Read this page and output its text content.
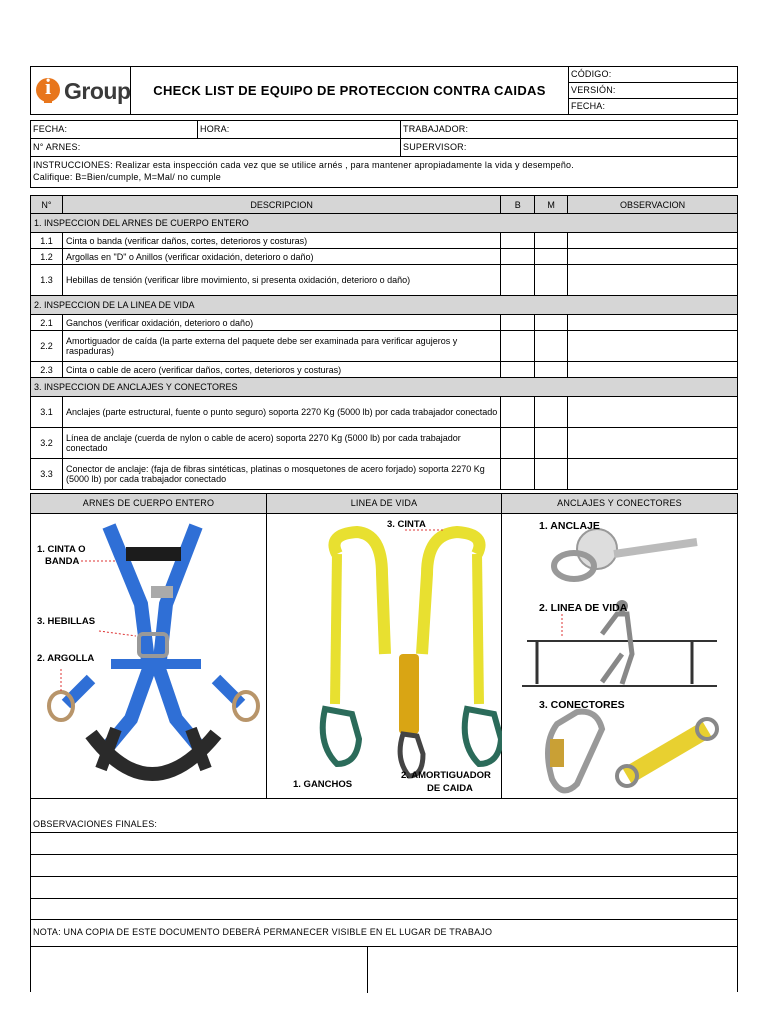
i Group	CHECK LIST DE EQUIPO DE PROTECCION CONTRA CAIDAS
CÓDIGO:
VERSIÓN:
FECHA:
FECHA:	HORA:	TRABAJADOR:
N° ARNES:	SUPERVISOR:
INSTRUCCIONES: Realizar esta inspección cada vez que se utilice arnés , para mantener apropiadamente la vida y desempeño.
Califique: B=Bien/cumple, M=Mal/ no cumple
N°	DESCRIPCION	B	M	OBSERVACION
1. INSPECCION DEL ARNES DE CUERPO ENTERO				
1.1	Cinta o banda (verificar daños, cortes, deterioros y costuras)			
1.2	Argollas en "D" o Anillos (verificar oxidación, deterioro o daño)			
1.3	Hebillas de tensión (verificar libre movimiento, si presenta oxidación, deterioro o daño)			
2. INSPECCION DE LA LINEA DE VIDA				
2.1	Ganchos (verificar oxidación, deterioro o daño)			
2.2	Amortiguador de caída (la parte externa del paquete debe ser examinada para verificar agujeros y raspaduras)			
2.3	Cinta o cable de acero (verificar daños, cortes, deterioros y costuras)			
3. INSPECCION DE ANCLAJES Y CONECTORES				
3.1	Anclajes (parte estructural, fuente o punto seguro) soporta 2270 Kg (5000 lb) por cada trabajador conectado			
3.2	Línea de anclaje (cuerda de nylon o cable de acero) soporta 2270 Kg (5000 lb) por cada trabajador conectado			
3.3	Conector de anclaje: (faja de fibras sintéticas, platinas o mosquetones de acero forjado) soporta 2270 Kg (5000 lb) por cada trabajador conectado			
ARNES DE CUERPO ENTERO	LINEA DE VIDA	ANCLAJES Y CONECTORES
1. CINTA O
BANDA
3. HEBILLAS
2. ARGOLLA
3. CINTA
1. GANCHOS
2. AMORTIGUADOR
DE CAIDA
1. ANCLAJE
2. LINEA DE VIDA
3. CONECTORES
OBSERVACIONES FINALES:
NOTA: UNA COPIA DE ESTE DOCUMENTO DEBERÁ PERMANECER VISIBLE EN EL LUGAR DE TRABAJO
